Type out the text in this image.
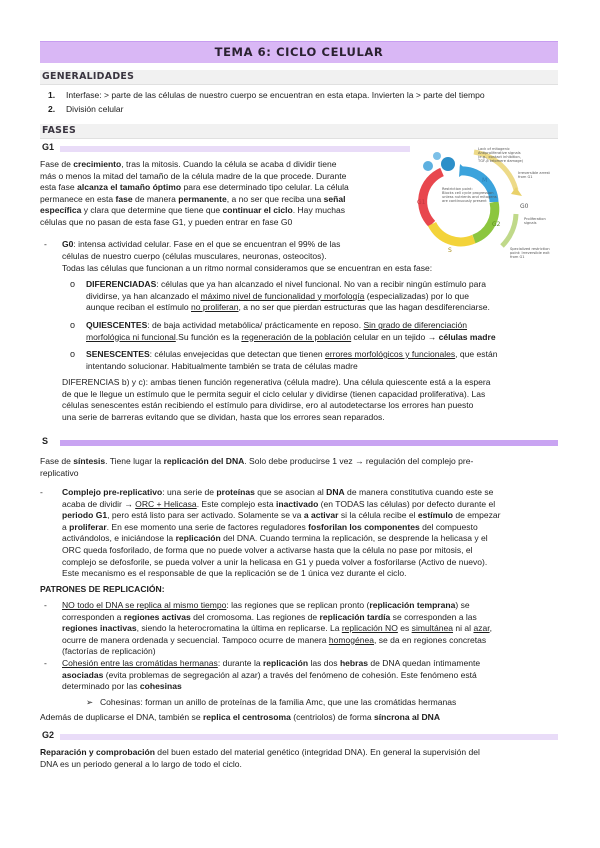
TEMA 6: CICLO CELULAR
GENERALIDADES
1. Interfase: > parte de las células de nuestro cuerpo se encuentran en esta etapa. Invierten la > parte del tiempo
2. División celular
FASES
G1
Fase de crecimiento, tras la mitosis. Cuando la célula se acaba d dividir tiene
más o menos la mitad del tamaño de la célula madre de la que procede. Durante
esta fase alcanza el tamaño óptimo para ese determinado tipo celular. La célula
permanece en esta fase de manera permanente, a no ser que reciba una señal
específica y clara que determine que tiene que continuar el ciclo. Hay muchas
células que no pasan de esta fase G1, y pueden entrar en fase G0
G1
S
G2
M
G0
Lack of mitogenic
Antiproliferative signals
(e.g., contact inhibition,
TGF-β telomere damage)
Irreversible arrest
from G1
Restriction point:
Blocks cell cycle progression
unless nutrients and mitogens
are continuously present
Proliferation
signals
Specialized restriction
point: Irreversible exit
from G1
- G0: intensa actividad celular. Fase en el que se encuentran el 99% de las
células de nuestro cuerpo (células musculares, neuronas, osteocitos).
Todas las células que funcionan a un ritmo normal consideramos que se encuentran en esta fase:
o DIFERENCIADAS: células que ya han alcanzado el nivel funcional. No van a recibir ningún estímulo para
dividirse, ya han alcanzado el máximo nivel de funcionalidad y morfología (especializadas) por lo que
aunque reciban el estímulo no proliferan, a no ser que pierdan estructuras que las hagan desdiferenciarse.
o QUIESCENTES: de baja actividad metabólica/ prácticamente en reposo. Sin grado de diferenciación
morfológica ni funcional.Su función es la regeneración de la población celular en un tejido → células madre
o SENESCENTES: células envejecidas que detectan que tienen errores morfológicos y funcionales, que están
intentando solucionar. Habitualmente también se trata de células madre
DIFERENCIAS b) y c): ambas tienen función regenerativa (célula madre). Una célula quiescente está a la espera
de que le llegue un estímulo que le permita seguir el ciclo celular y dividirse (tienen capacidad proliferativa). Las
células senescentes están recibiendo el estímulo para dividirse, ero al autodetectarse los errores han puesto
una serie de barreras evitando que se dividan, hasta que los errores sean reparados.
S
Fase de síntesis. Tiene lugar la replicación del DNA. Solo debe producirse 1 vez → regulación del complejo pre-
replicativo
- Complejo pre-replicativo: una serie de proteínas que se asocian al DNA de manera constitutiva cuando este se
acaba de dividir → ORC + Helicasa. Este complejo esta inactivado (en TODAS las células) por defecto durante el
periodo G1, pero está listo para ser activado. Solamente se va a activar si la célula recibe el estímulo de empezar
a proliferar. En ese momento una serie de factores reguladores fosforilan los componentes del compuesto
activándolos, e iniciándose la replicación del DNA. Cuando termina la replicación, se desprende la helicasa y el
ORC queda fosforilado, de forma que no puede volver a activarse hasta que la célula no pase por mitosis, el
complejo se defosforile, se pueda volver a unir la helicasa en G1 y pueda volver a fosforilarse (Activo de nuevo).
Este mecanismo es el responsable de que la replicación se de 1 única vez durante el ciclo.
PATRONES DE REPLICACIÓN:
- NO todo el DNA se replica al mismo tiempo: las regiones que se replican pronto (replicación temprana) se
corresponden a regiones activas del cromosoma. Las regiones de replicación tardía se corresponden a las
regiones inactivas, siendo la heterocromatina la última en replicarse. La replicación NO es simultánea ni al azar,
ocurre de manera ordenada y secuencial. Tampoco ocurre de manera homogénea, se da en regiones concretas
(factorías de replicación)
- Cohesión entre las cromátidas hermanas: durante la replicación las dos hebras de DNA quedan íntimamente
asociadas (evita problemas de segregación al azar) a través del fenómeno de cohesión. Este fenómeno está
determinado por las cohesinas
➢ Cohesinas: forman un anillo de proteínas de la familia Amc, que une las cromátidas hermanas
Además de duplicarse el DNA, también se replica el centrosoma (centriolos) de forma síncrona al DNA
G2
Reparación y comprobación del buen estado del material genético (integridad DNA). En general la supervisión del
DNA es un periodo general a lo largo de todo el ciclo.
